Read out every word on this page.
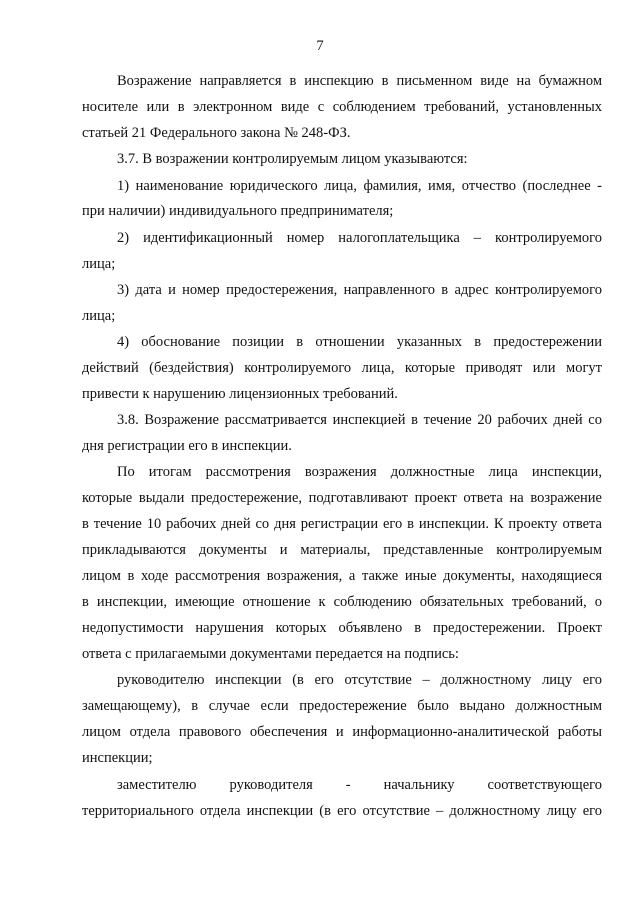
7
Возражение направляется в инспекцию в письменном виде на бумажном
носителе или в электронном виде с соблюдением требований, установленных
статьей 21 Федерального закона № 248-ФЗ.
3.7. В возражении контролируемым лицом указываются:
1) наименование юридического лица, фамилия, имя, отчество (последнее -
при наличии) индивидуального предпринимателя;
2) идентификационный номер налогоплательщика – контролируемого
лица;
3) дата и номер предостережения, направленного в адрес контролируемого
лица;
4) обоснование позиции в отношении указанных в предостережении
действий (бездействия) контролируемого лица, которые приводят или могут
привести к нарушению лицензионных требований.
3.8. Возражение рассматривается инспекцией в течение 20 рабочих дней со
дня регистрации его в инспекции.
По итогам рассмотрения возражения должностные лица инспекции,
которые выдали предостережение, подготавливают проект ответа на возражение
в течение 10 рабочих дней со дня регистрации его в инспекции. К проекту ответа
прикладываются документы и материалы, представленные контролируемым
лицом в ходе рассмотрения возражения, а также иные документы, находящиеся
в инспекции, имеющие отношение к соблюдению обязательных требований, о
недопустимости нарушения которых объявлено в предостережении. Проект
ответа с прилагаемыми документами передается на подпись:
руководителю инспекции (в его отсутствие – должностному лицу его
замещающему), в случае если предостережение было выдано должностным
лицом отдела правового обеспечения и информационно-аналитической работы
инспекции;
заместителю руководителя - начальнику соответствующего
территориального отдела инспекции (в его отсутствие – должностному лицу его
